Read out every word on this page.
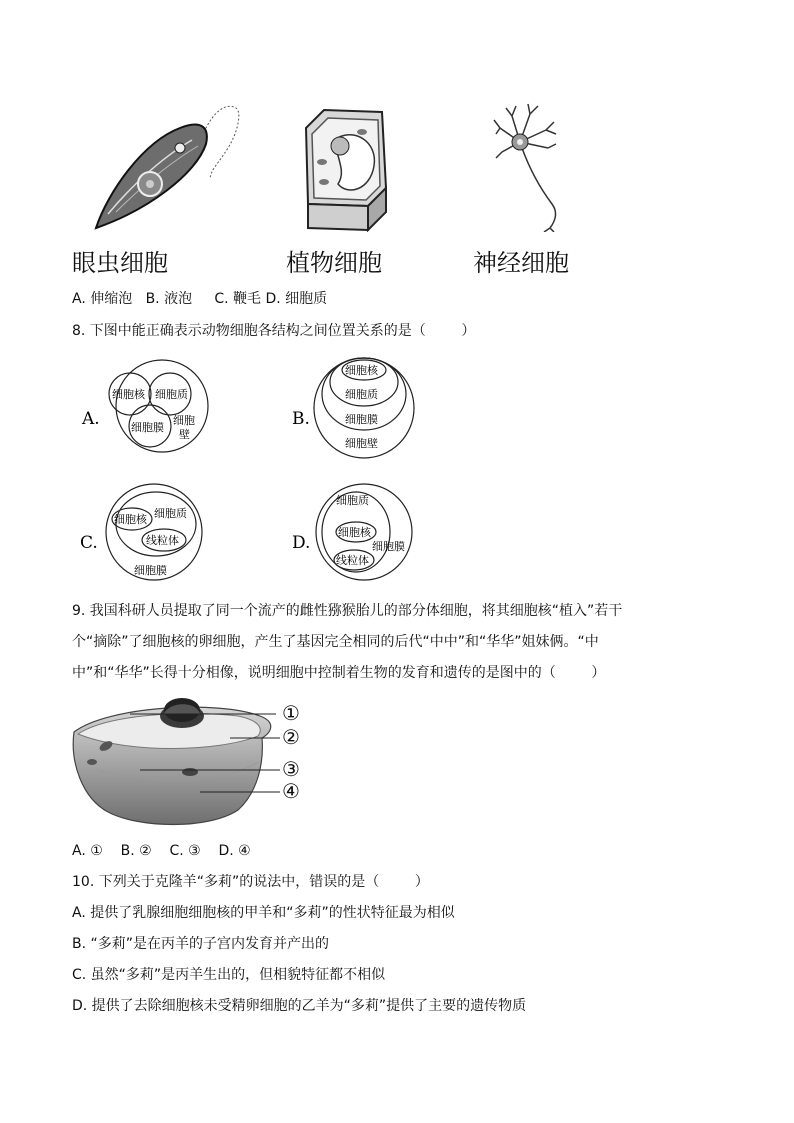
眼虫细胞	植物细胞	神经细胞
A. 伸缩泡   B. 液泡     C. 鞭毛 D. 细胞质
8. 下图中能正确表示动物细胞各结构之间位置关系的是（        ）
A.
细胞核 细胞质
细胞膜
细胞
壁
B.
细胞核
细胞质
细胞膜
细胞壁
C.
细胞核 细胞质
线粒体
细胞膜
D.
细胞质
细胞核
细胞膜
线粒体
9. 我国科研人员提取了同一个流产的雌性猕猴胎儿的部分体细胞，将其细胞核“植入”若干
个“摘除”了细胞核的卵细胞，产生了基因完全相同的后代“中中”和“华华”姐妹俩。“中
中”和“华华”长得十分相像，说明细胞中控制着生物的发育和遗传的是图中的（        ）
①
②
③
④
A. ①    B. ②    C. ③    D. ④
10. 下列关于克隆羊“多莉”的说法中，错误的是（        ）
A. 提供了乳腺细胞细胞核的甲羊和“多莉”的性状特征最为相似
B. “多莉”是在丙羊的子宫内发育并产出的
C. 虽然“多莉”是丙羊生出的，但相貌特征都不相似
D. 提供了去除细胞核未受精卵细胞的乙羊为“多莉”提供了主要的遗传物质
